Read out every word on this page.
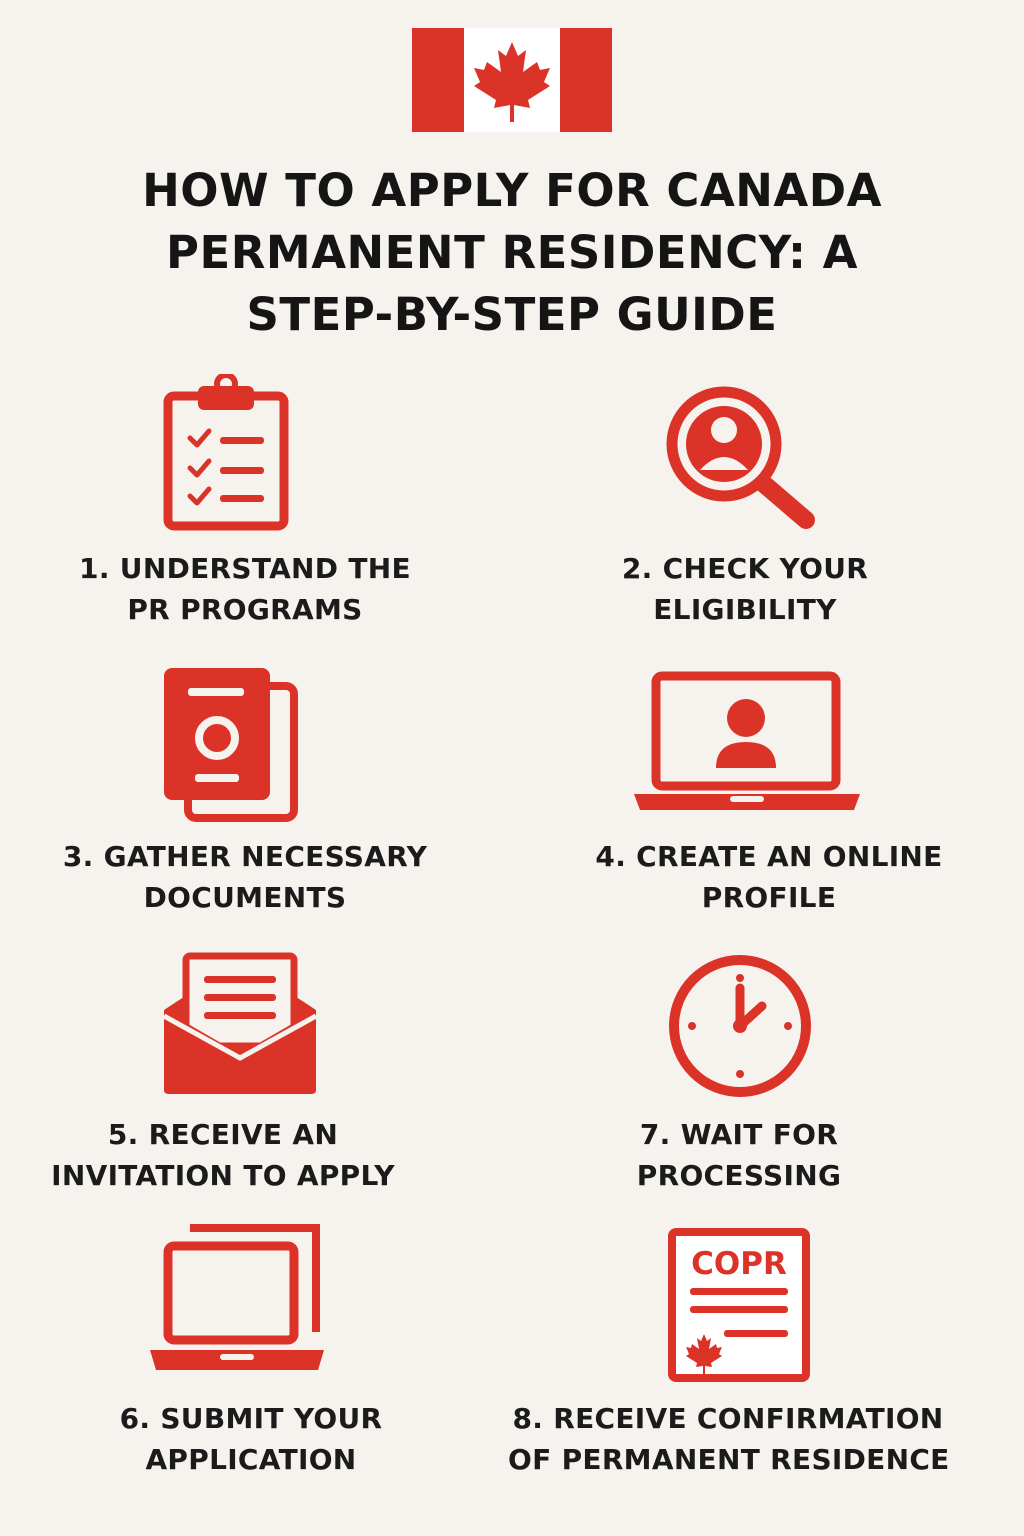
HOW TO APPLY FOR CANADA
PERMANENT RESIDENCY: A
STEP-BY-STEP GUIDE
1. UNDERSTAND THE
PR PROGRAMS
2. CHECK YOUR
ELIGIBILITY
3. GATHER NECESSARY
DOCUMENTS
4. CREATE AN ONLINE
PROFILE
5. RECEIVE AN
INVITATION TO APPLY
7. WAIT FOR
PROCESSING
6. SUBMIT YOUR
APPLICATION
COPR
8. RECEIVE CONFIRMATION
OF PERMANENT RESIDENCE
